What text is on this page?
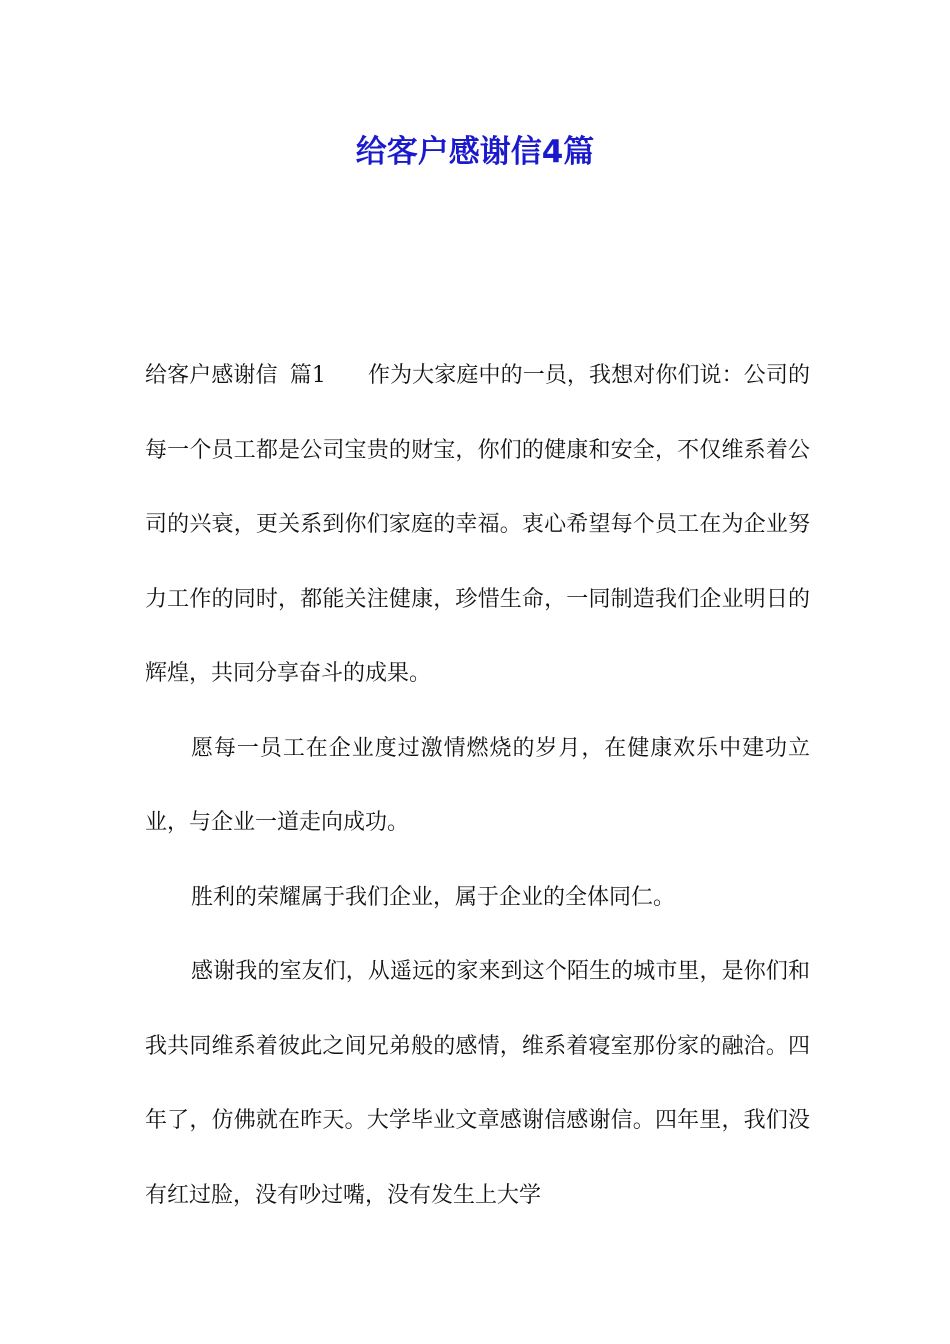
给客户感谢信4篇

给客户感谢信 篇1 作为大家庭中的一员，我想对你们说：公司的每一个员工都是公司宝贵的财宝，你们的健康和安全，不仅维系着公司的兴衰，更关系到你们家庭的幸福。衷心希望每个员工在为企业努力工作的同时，都能关注健康，珍惜生命，一同制造我们企业明日的辉煌，共同分享奋斗的成果。

愿每一员工在企业度过激情燃烧的岁月，在健康欢乐中建功立业，与企业一道走向成功。

胜利的荣耀属于我们企业，属于企业的全体同仁。

感谢我的室友们，从遥远的家来到这个陌生的城市里，是你们和我共同维系着彼此之间兄弟般的感情，维系着寝室那份家的融洽。四年了，仿佛就在昨天。大学毕业文章感谢信感谢信。四年里，我们没有红过脸，没有吵过嘴，没有发生上大学
